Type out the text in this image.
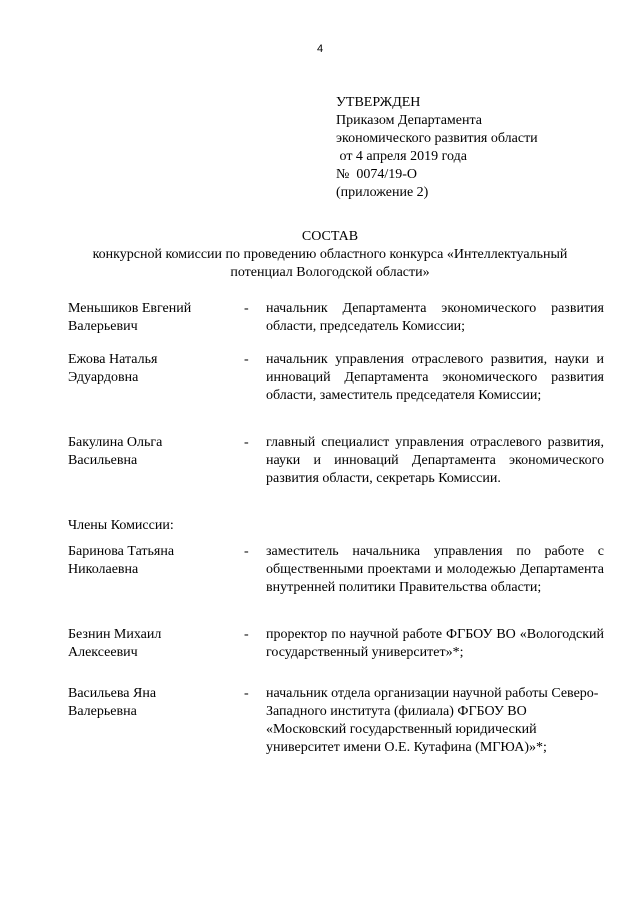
4
УТВЕРЖДЕН
Приказом Департамента
экономического развития области
от 4 апреля 2019 года
№  0074/19-О
(приложение 2)
СОСТАВ
конкурсной комиссии по проведению областного конкурса «Интеллектуальный
потенциал Вологодской области»
Меньшиков Евгений Валерьевич
-	начальник Департамента экономического развития области, председатель Комиссии;
Ежова Наталья Эдуардовна
-	начальник управления отраслевого развития, науки и инноваций Департамента экономического развития области, заместитель председателя Комиссии;
Бакулина Ольга Васильевна
-	главный специалист управления отраслевого развития, науки и инноваций Департамента экономического развития области, секретарь Комиссии.
Члены Комиссии:
Баринова Татьяна Николаевна
-	заместитель начальника управления по работе с общественными проектами и молодежью Департамента внутренней политики Правительства области;
Безнин Михаил Алексеевич
-	проректор по научной работе ФГБОУ ВО «Вологодский государственный университет»*;
Васильева Яна Валерьевна
-	начальник отдела организации научной работы Северо-Западного института (филиала) ФГБОУ ВО «Московский государственный юридический университет имени О.Е. Кутафина (МГЮА)»*;
